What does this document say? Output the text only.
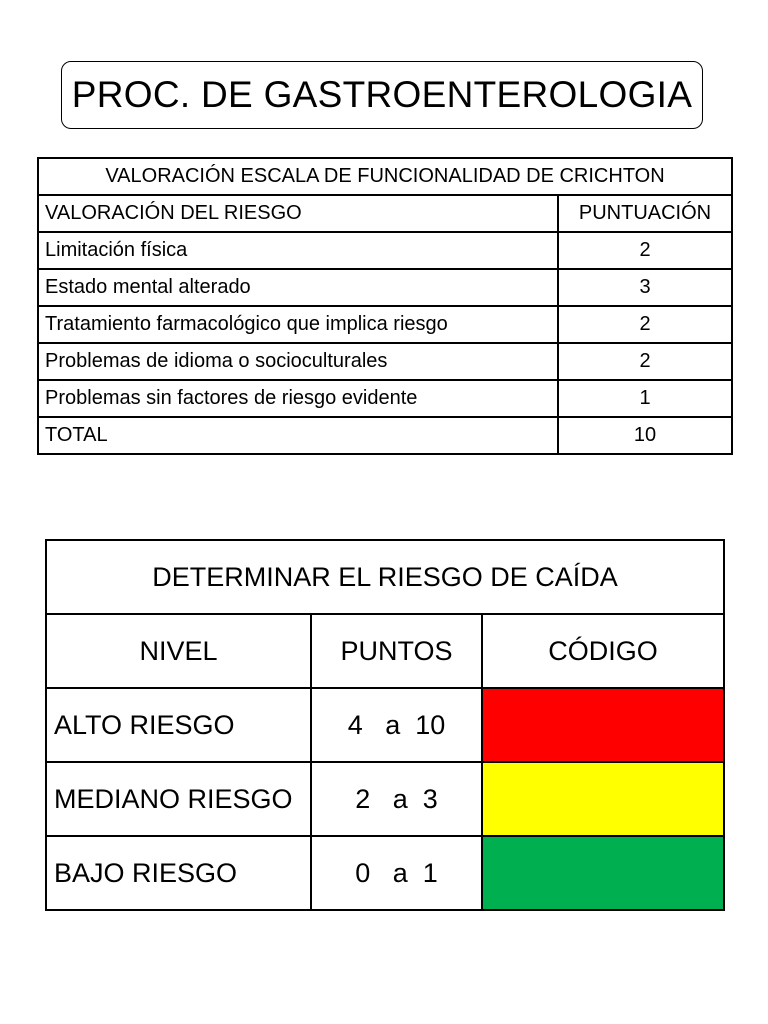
PROC. DE GASTROENTEROLOGIA
VALORACIÓN ESCALA DE FUNCIONALIDAD DE CRICHTON	
VALORACIÓN DEL RIESGO	PUNTUACIÓN
Limitación física	2
Estado mental alterado	3
Tratamiento farmacológico que implica riesgo	2
Problemas de idioma o socioculturales	2
Problemas sin factores de riesgo evidente	1
TOTAL	10
DETERMINAR EL RIESGO DE CAÍDA		
NIVEL	PUNTOS	CÓDIGO
ALTO RIESGO	4   a  10	
MEDIANO RIESGO	2   a  3	
BAJO RIESGO	0   a  1	
